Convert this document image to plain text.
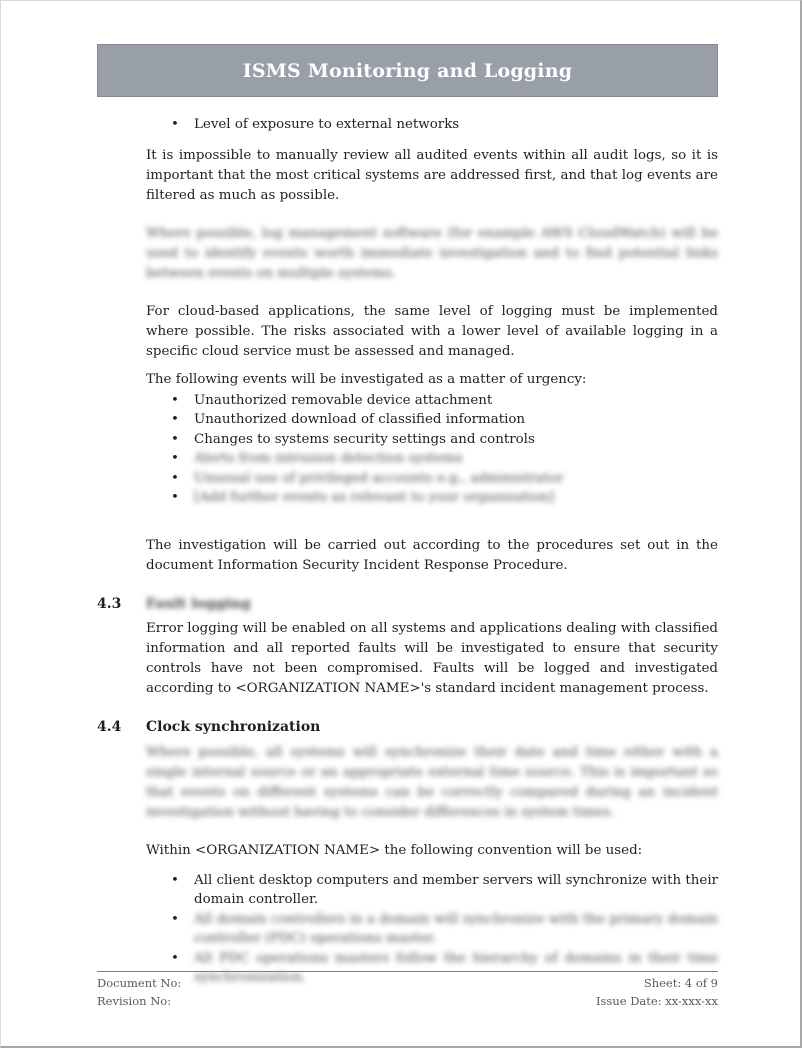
ISMS Monitoring and Logging
• Level of exposure to external networks

It is impossible to manually review all audited events within all audit logs, so it is important that the most critical systems are addressed first, and that log events are filtered as much as possible.

Where possible, log management software (for example AWS CloudWatch) will be used to identify events worth immediate investigation and to find potential links between events on multiple systems.

For cloud-based applications, the same level of logging must be implemented where possible. The risks associated with a lower level of available logging in a specific cloud service must be assessed and managed.

The following events will be investigated as a matter of urgency:

• Unauthorized removable device attachment
• Unauthorized download of classified information
• Changes to systems security settings and controls
• Alerts from intrusion detection systems
• Unusual use of privileged accounts e.g., administrator
• [Add further events as relevant to your organization]

The investigation will be carried out according to the procedures set out in the document Information Security Incident Response Procedure.

4.3	Fault logging

Error logging will be enabled on all systems and applications dealing with classified information and all reported faults will be investigated to ensure that security controls have not been compromised. Faults will be logged and investigated according to <ORGANIZATION NAME>'s standard incident management process.

4.4	Clock synchronization

Where possible, all systems will synchronize their date and time either with a single internal source or an appropriate external time source. This is important so that events on different systems can be correctly compared during an incident investigation without having to consider differences in system times.

Within <ORGANIZATION NAME> the following convention will be used:

• All client desktop computers and member servers will synchronize with their domain controller.
• All domain controllers in a domain will synchronize with the primary domain controller (PDC) operations master.
• All PDC operations masters follow the hierarchy of domains in their time synchronization.
Document No:
Revision No:
Sheet: 4 of 9
Issue Date: xx-xxx-xx
